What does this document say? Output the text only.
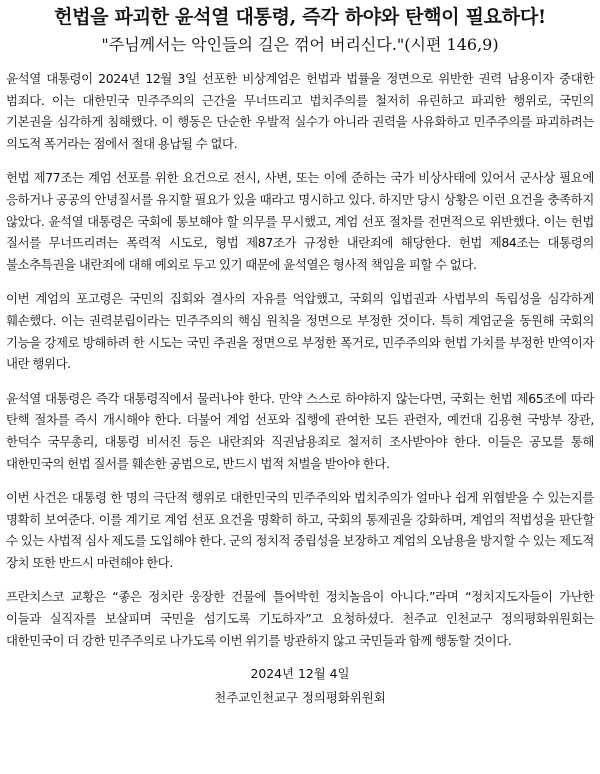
헌법을 파괴한 윤석열 대통령, 즉각 하야와 탄핵이 필요하다!
"주님께서는 악인들의 길은 꺾어 버리신다."(시편 146,9)

윤석열 대통령이 2024년 12월 3일 선포한 비상계엄은 헌법과 법률을 정면으로 위반한 권력 남용이자 중대한 범죄다. 이는 대한민국 민주주의의 근간을 무너뜨리고 법치주의를 철저히 유린하고 파괴한 행위로, 국민의 기본권을 심각하게 침해했다. 이 행동은 단순한 우발적 실수가 아니라 권력을 사유화하고 민주주의를 파괴하려는 의도적 폭거라는 점에서 절대 용납될 수 없다.

헌법 제77조는 계엄 선포를 위한 요건으로 전시, 사변, 또는 이에 준하는 국가 비상사태에 있어서 군사상 필요에 응하거나 공공의 안녕질서를 유지할 필요가 있을 때라고 명시하고 있다. 하지만 당시 상황은 이런 요건을 충족하지 않았다. 윤석열 대통령은 국회에 통보해야 할 의무를 무시했고, 계엄 선포 절차를 전면적으로 위반했다. 이는 헌법 질서를 무너뜨리려는 폭력적 시도로, 형법 제87조가 규정한 내란죄에 해당한다. 헌법 제84조는 대통령의 불소추특권을 내란죄에 대해 예외로 두고 있기 때문에 윤석열은 형사적 책임을 피할 수 없다.

이번 계엄의 포고령은 국민의 집회와 결사의 자유를 억압했고, 국회의 입법권과 사법부의 독립성을 심각하게 훼손했다. 이는 권력분립이라는 민주주의의 핵심 원칙을 정면으로 부정한 것이다. 특히 계엄군을 동원해 국회의 기능을 강제로 방해하려 한 시도는 국민 주권을 정면으로 부정한 폭거로, 민주주의와 헌법 가치를 부정한 반역이자 내란 행위다.

윤석열 대통령은 즉각 대통령직에서 물러나야 한다. 만약 스스로 하야하지 않는다면, 국회는 헌법 제65조에 따라 탄핵 절차를 즉시 개시해야 한다. 더불어 계엄 선포와 집행에 관여한 모든 관련자, 예컨대 김용현 국방부 장관, 한덕수 국무총리, 대통령 비서진 등은 내란죄와 직권남용죄로 철저히 조사받아야 한다. 이들은 공모를 통해 대한민국의 헌법 질서를 훼손한 공범으로, 반드시 법적 처벌을 받아야 한다.

이번 사건은 대통령 한 명의 극단적 행위로 대한민국의 민주주의와 법치주의가 얼마나 쉽게 위협받을 수 있는지를 명확히 보여준다. 이를 계기로 계엄 선포 요건을 명확히 하고, 국회의 통제권을 강화하며, 계엄의 적법성을 판단할 수 있는 사법적 심사 제도를 도입해야 한다. 군의 정치적 중립성을 보장하고 계엄의 오남용을 방지할 수 있는 제도적 장치 또한 반드시 마련해야 한다.

프란치스코 교황은 “좋은 정치란 웅장한 건물에 틀어박힌 정치놀음이 아니다.”라며 “정치지도자들이 가난한 이들과 실직자를 보살피며 국민을 섬기도록 기도하자”고 요청하셨다. 천주교 인천교구 정의평화위원회는 대한민국이 더 강한 민주주의로 나가도록 이번 위기를 방관하지 않고 국민들과 함께 행동할 것이다.

2024년 12월 4일
천주교인천교구 정의평화위원회
